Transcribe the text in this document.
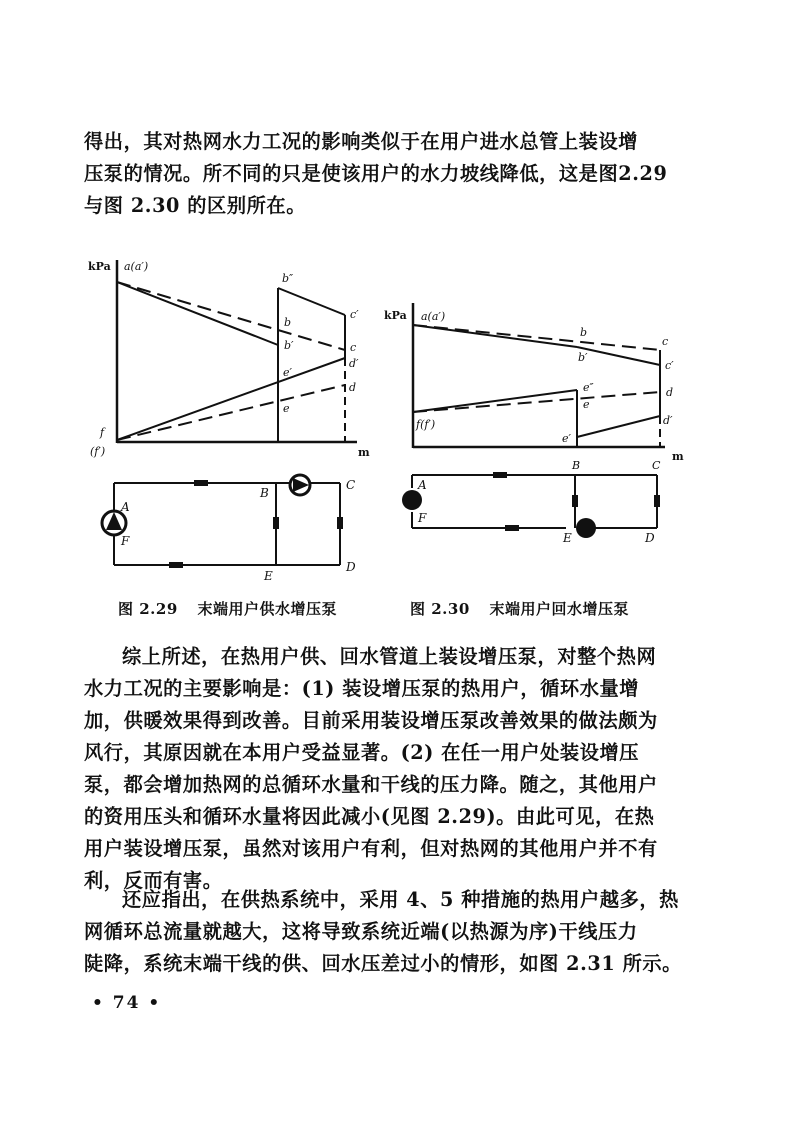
得出，其对热网水力工况的影响类似于在用户进水总管上装设增
压泵的情况。所不同的只是使该用户的水力坡线降低，这是图2.29
与图 2.30 的区别所在。
kPa a(a′)
b″
b
b′
c′
c
d′
e′
d
e
f
(f′)	m
A
B
C
F
E
D
kPa a(a′)
b
b′
c
c′
e″
e
d
f(f′)
e′
d′
B	C
m
A
F
E	D
图 2.29 末端用户供水增压泵	图 2.30 末端用户回水增压泵
综上所述，在热用户供、回水管道上装设增压泵，对整个热网
水力工况的主要影响是：(1) 装设增压泵的热用户，循环水量增
加，供暖效果得到改善。目前采用装设增压泵改善效果的做法颇为
风行，其原因就在本用户受益显著。(2) 在任一用户处装设增压
泵，都会增加热网的总循环水量和干线的压力降。随之，其他用户
的资用压头和循环水量将因此减小(见图 2.29)。由此可见，在热
用户装设增压泵，虽然对该用户有利，但对热网的其他用户并不有
利，反而有害。
还应指出，在供热系统中，采用 4、5 种措施的热用户越多，热
网循环总流量就越大，这将导致系统近端(以热源为序)干线压力
陡降，系统末端干线的供、回水压差过小的情形，如图 2.31 所示。
• 74 •
